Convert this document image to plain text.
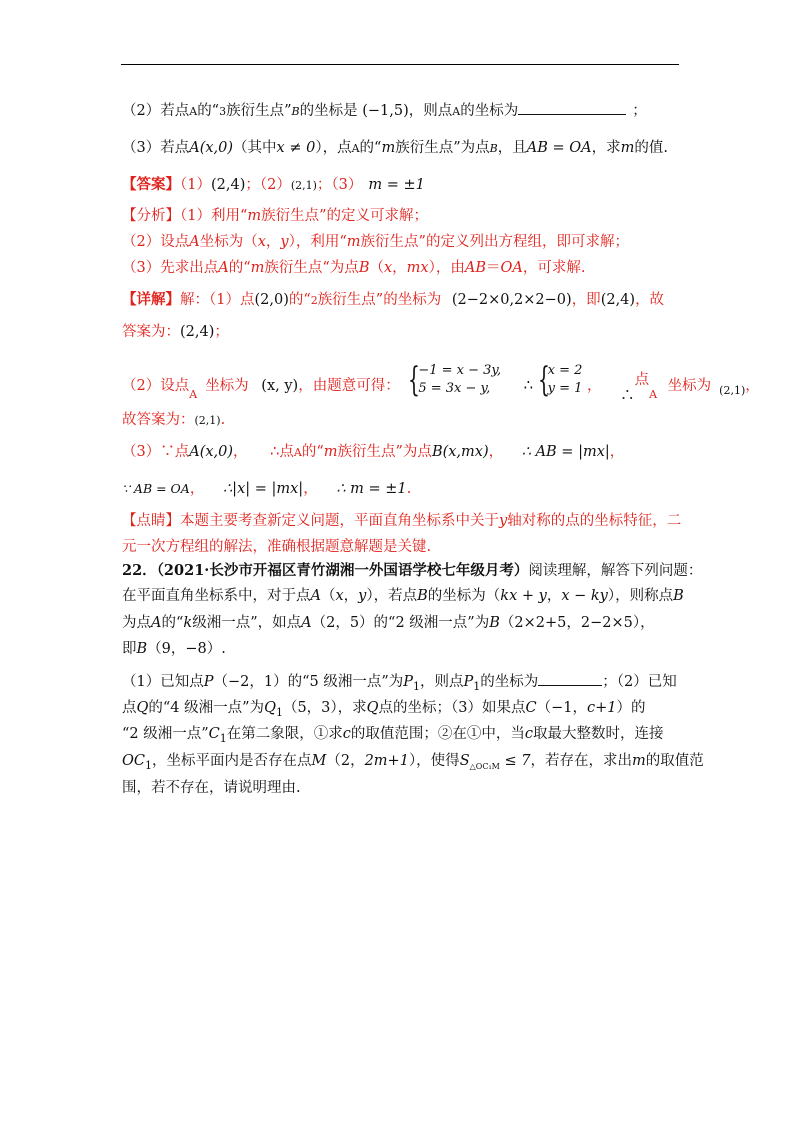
（2）若点A的“3族衍生点”B的坐标是 (−1,5)，则点A的坐标为	；
（3）若点A(x,0)（其中x ≠ 0），点A的“m族衍生点”为点B，且AB = OA，求m的值.
【答案】（1）(2,4)；（2）(2,1)；（3） m = ±1
【分析】（1）利用“m族衍生点”的定义可求解；
（2）设点A坐标为（x，y），利用“m族衍生点”的定义列出方程组，即可求解；
（3）先求出点A的“m族衍生点“为点B（x，mx），由AB＝OA，可求解.
【详解】解：（1）点(2,0)的“2族衍生点”的坐标为 (2−2×0,2×2−0)，即(2,4)，故
答案为：(2,4)；
（2）设点$_A$坐标为 (x, y)，由题意可得： {
−1 = x − 3y,
5 = 3x − y,	∴ {
x = 2
y = 1 ， ∴点$_A$ 坐标为 $_{(2,1)}$，
故答案为：(2,1).
（3）∵点A(x,0)， ∴点A的“m族衍生点”为点B(x,mx)， ∴ AB = |mx|，
∵ AB = OA， ∴|x| = |mx|， ∴ m = ±1.
【点睛】本题主要考查新定义问题，平面直角坐标系中关于y轴对称的点的坐标特征，二
元一次方程组的解法，准确根据题意解题是关键.
22．（2021·长沙市开福区青竹湖湘一外国语学校七年级月考）阅读理解，解答下列问题：
在平面直角坐标系中，对于点A（x，y），若点B的坐标为（kx + y，x − ky），则称点B
为点A的“k级湘一点”，如点A（2，5）的“2 级湘一点”为B（2×2+5，2−2×5），
即B（9，−8）.
（1）已知点P（−2，1）的“5 级湘一点”为$P_1$，则点$P_1$的坐标为	；（2）已知
点Q的“4 级湘一点”为$Q_1(5$，3），求Q点的坐标；（3）如果点C（−1，c+1）的
“2 级湘一点$”C_1$在第二象限，①求c的取值范围；②在①中，当c取最大整数时，连接
$OC_1$，坐标平面内是否存在点M（2，2m+1），使得$S_{\triangle OC_1M} \le 7$，若存在，求出m的取值范
围，若不存在，请说明理由.
